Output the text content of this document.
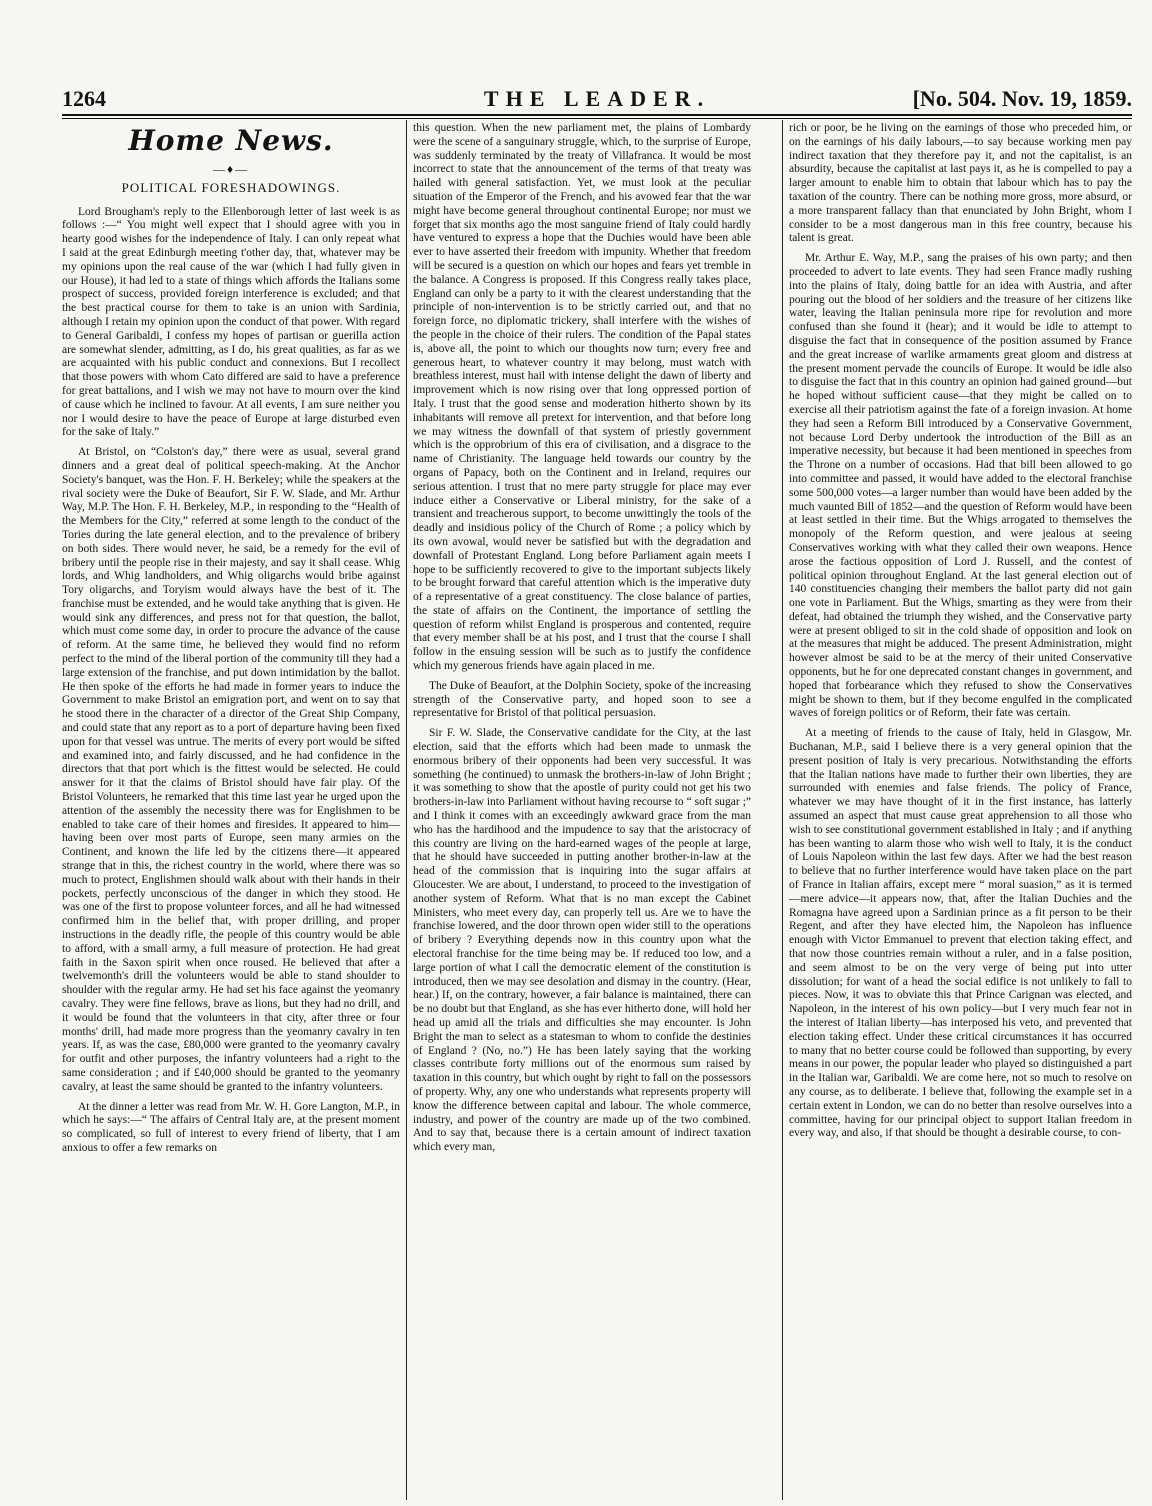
1264	THE LEADER.	[No. 504. Nov. 19, 1859.
Home News.
—♦—
POLITICAL FORESHADOWINGS.

Lord Brougham's reply to the Ellenborough letter of last week is as follows :—“ You might well expect that I should agree with you in hearty good wishes for the independence of Italy. I can only repeat what I said at the great Edinburgh meeting t'other day, that, whatever may be my opinions upon the real cause of the war (which I had fully given in our House), it had led to a state of things which affords the Italians some prospect of success, provided foreign interference is excluded; and that the best practical course for them to take is an union with Sardinia, although I retain my opinion upon the conduct of that power. With regard to General Garibaldi, I confess my hopes of partisan or guerilla action are somewhat slender, admitting, as I do, his great qualities, as far as we are acquainted with his public conduct and connexions. But I recollect that those powers with whom Cato differed are said to have a preference for great battalions, and I wish we may not have to mourn over the kind of cause which he inclined to favour. At all events, I am sure neither you nor I would desire to have the peace of Europe at large disturbed even for the sake of Italy.”

At Bristol, on “Colston's day,” there were as usual, several grand dinners and a great deal of political speech-making. At the Anchor Society's banquet, was the Hon. F. H. Berkeley; while the speakers at the rival society were the Duke of Beaufort, Sir F. W. Slade, and Mr. Arthur Way, M.P. The Hon. F. H. Berkeley, M.P., in responding to the “Health of the Members for the City,” referred at some length to the conduct of the Tories during the late general election, and to the prevalence of bribery on both sides. There would never, he said, be a remedy for the evil of bribery until the people rise in their majesty, and say it shall cease. Whig lords, and Whig landholders, and Whig oligarchs would bribe against Tory oligarchs, and Toryism would always have the best of it. The franchise must be extended, and he would take anything that is given. He would sink any differences, and press not for that question, the ballot, which must come some day, in order to procure the advance of the cause of reform. At the same time, he believed they would find no reform perfect to the mind of the liberal portion of the community till they had a large extension of the franchise, and put down intimidation by the ballot. He then spoke of the efforts he had made in former years to induce the Government to make Bristol an emigration port, and went on to say that he stood there in the character of a director of the Great Ship Company, and could state that any report as to a port of departure having been fixed upon for that vessel was untrue. The merits of every port would be sifted and examined into, and fairly discussed, and he had confidence in the directors that that port which is the fittest would be selected. He could answer for it that the claims of Bristol should have fair play. Of the Bristol Volunteers, he remarked that this time last year he urged upon the attention of the assembly the necessity there was for Englishmen to be enabled to take care of their homes and firesides. It appeared to him—having been over most parts of Europe, seen many armies on the Continent, and known the life led by the citizens there—it appeared strange that in this, the richest country in the world, where there was so much to protect, Englishmen should walk about with their hands in their pockets, perfectly unconscious of the danger in which they stood. He was one of the first to propose volunteer forces, and all he had witnessed confirmed him in the belief that, with proper drilling, and proper instructions in the deadly rifle, the people of this country would be able to afford, with a small army, a full measure of protection. He had great faith in the Saxon spirit when once roused. He believed that after a twelvemonth's drill the volunteers would be able to stand shoulder to shoulder with the regular army. He had set his face against the yeomanry cavalry. They were fine fellows, brave as lions, but they had no drill, and it would be found that the volunteers in that city, after three or four months' drill, had made more progress than the yeomanry cavalry in ten years. If, as was the case, £80,000 were granted to the yeomanry cavalry for outfit and other purposes, the infantry volunteers had a right to the same consideration ; and if £40,000 should be granted to the yeomanry cavalry, at least the same should be granted to the infantry volunteers.

At the dinner a letter was read from Mr. W. H. Gore Langton, M.P., in which he says:—“ The affairs of Central Italy are, at the present moment so complicated, so full of interest to every friend of liberty, that I am anxious to offer a few remarks on

this question. When the new parliament met, the plains of Lombardy were the scene of a sanguinary struggle, which, to the surprise of Europe, was suddenly terminated by the treaty of Villafranca. It would be most incorrect to state that the announcement of the terms of that treaty was hailed with general satisfaction. Yet, we must look at the peculiar situation of the Emperor of the French, and his avowed fear that the war might have become general throughout continental Europe; nor must we forget that six months ago the most sanguine friend of Italy could hardly have ventured to express a hope that the Duchies would have been able ever to have asserted their freedom with impunity. Whether that freedom will be secured is a question on which our hopes and fears yet tremble in the balance. A Congress is proposed. If this Congress really takes place, England can only be a party to it with the clearest understanding that the principle of non-intervention is to be strictly carried out, and that no foreign force, no diplomatic trickery, shall interfere with the wishes of the people in the choice of their rulers. The condition of the Papal states is, above all, the point to which our thoughts now turn; every free and generous heart, to whatever country it may belong, must watch with breathless interest, must hail with intense delight the dawn of liberty and improvement which is now rising over that long oppressed portion of Italy. I trust that the good sense and moderation hitherto shown by its inhabitants will remove all pretext for intervention, and that before long we may witness the downfall of that system of priestly government which is the opprobrium of this era of civilisation, and a disgrace to the name of Christianity. The language held towards our country by the organs of Papacy, both on the Continent and in Ireland, requires our serious attention. I trust that no mere party struggle for place may ever induce either a Conservative or Liberal ministry, for the sake of a transient and treacherous support, to become unwittingly the tools of the deadly and insidious policy of the Church of Rome ; a policy which by its own avowal, would never be satisfied but with the degradation and downfall of Protestant England. Long before Parliament again meets I hope to be sufficiently recovered to give to the important subjects likely to be brought forward that careful attention which is the imperative duty of a representative of a great constituency. The close balance of parties, the state of affairs on the Continent, the importance of settling the question of reform whilst England is prosperous and contented, require that every member shall be at his post, and I trust that the course I shall follow in the ensuing session will be such as to justify the confidence which my generous friends have again placed in me.

The Duke of Beaufort, at the Dolphin Society, spoke of the increasing strength of the Conservative party, and hoped soon to see a representative for Bristol of that political persuasion.

Sir F. W. Slade, the Conservative candidate for the City, at the last election, said that the efforts which had been made to unmask the enormous bribery of their opponents had been very successful. It was something (he continued) to unmask the brothers-in-law of John Bright ; it was something to show that the apostle of purity could not get his two brothers-in-law into Parliament without having recourse to “ soft sugar ;” and I think it comes with an exceedingly awkward grace from the man who has the hardihood and the impudence to say that the aristocracy of this country are living on the hard-earned wages of the people at large, that he should have succeeded in putting another brother-in-law at the head of the commission that is inquiring into the sugar affairs at Gloucester. We are about, I understand, to proceed to the investigation of another system of Reform. What that is no man except the Cabinet Ministers, who meet every day, can properly tell us. Are we to have the franchise lowered, and the door thrown open wider still to the operations of bribery ? Everything depends now in this country upon what the electoral franchise for the time being may be. If reduced too low, and a large portion of what I call the democratic element of the constitution is introduced, then we may see desolation and dismay in the country. (Hear, hear.) If, on the contrary, however, a fair balance is maintained, there can be no doubt but that England, as she has ever hitherto done, will hold her head up amid all the trials and difficulties she may encounter. Is John Bright the man to select as a statesman to whom to confide the destinies of England ? (No, no.”) He has been lately saying that the working classes contribute forty millions out of the enormous sum raised by taxation in this country, but which ought by right to fall on the possessors of property. Why, any one who understands what represents property will know the difference between capital and labour. The whole commerce, industry, and power of the country are made up of the two combined. And to say that, because there is a certain amount of indirect taxation which every man,

rich or poor, be he living on the earnings of those who preceded him, or on the earnings of his daily labours,—to say because working men pay indirect taxation that they therefore pay it, and not the capitalist, is an absurdity, because the capitalist at last pays it, as he is compelled to pay a larger amount to enable him to obtain that labour which has to pay the taxation of the country. There can be nothing more gross, more absurd, or a more transparent fallacy than that enunciated by John Bright, whom I consider to be a most dangerous man in this free country, because his talent is great.

Mr. Arthur E. Way, M.P., sang the praises of his own party; and then proceeded to advert to late events. They had seen France madly rushing into the plains of Italy, doing battle for an idea with Austria, and after pouring out the blood of her soldiers and the treasure of her citizens like water, leaving the Italian peninsula more ripe for revolution and more confused than she found it (hear); and it would be idle to attempt to disguise the fact that in consequence of the position assumed by France and the great increase of warlike armaments great gloom and distress at the present moment pervade the councils of Europe. It would be idle also to disguise the fact that in this country an opinion had gained ground—but he hoped without sufficient cause—that they might be called on to exercise all their patriotism against the fate of a foreign invasion. At home they had seen a Reform Bill introduced by a Conservative Government, not because Lord Derby undertook the introduction of the Bill as an imperative necessity, but because it had been mentioned in speeches from the Throne on a number of occasions. Had that bill been allowed to go into committee and passed, it would have added to the electoral franchise some 500,000 votes—a larger number than would have been added by the much vaunted Bill of 1852—and the question of Reform would have been at least settled in their time. But the Whigs arrogated to themselves the monopoly of the Reform question, and were jealous at seeing Conservatives working with what they called their own weapons. Hence arose the factious opposition of Lord J. Russell, and the contest of political opinion throughout England. At the last general election out of 140 constituencies changing their members the ballot party did not gain one vote in Parliament. But the Whigs, smarting as they were from their defeat, had obtained the triumph they wished, and the Conservative party were at present obliged to sit in the cold shade of opposition and look on at the measures that might be adduced. The present Administration, might however almost be said to be at the mercy of their united Conservative opponents, but he for one deprecated constant changes in government, and hoped that forbearance which they refused to show the Conservatives might be shown to them, but if they become engulfed in the complicated waves of foreign politics or of Reform, their fate was certain.

At a meeting of friends to the cause of Italy, held in Glasgow, Mr. Buchanan, M.P., said I believe there is a very general opinion that the present position of Italy is very precarious. Notwithstanding the efforts that the Italian nations have made to further their own liberties, they are surrounded with enemies and false friends. The policy of France, whatever we may have thought of it in the first instance, has latterly assumed an aspect that must cause great apprehension to all those who wish to see constitutional government established in Italy ; and if anything has been wanting to alarm those who wish well to Italy, it is the conduct of Louis Napoleon within the last few days. After we had the best reason to believe that no further interference would have taken place on the part of France in Italian affairs, except mere “ moral suasion,” as it is termed—mere advice—it appears now, that, after the Italian Duchies and the Romagna have agreed upon a Sardinian prince as a fit person to be their Regent, and after they have elected him, the Napoleon has influence enough with Victor Emmanuel to prevent that election taking effect, and that now those countries remain without a ruler, and in a false position, and seem almost to be on the very verge of being put into utter dissolution; for want of a head the social edifice is not unlikely to fall to pieces. Now, it was to obviate this that Prince Carignan was elected, and Napoleon, in the interest of his own policy—but I very much fear not in the interest of Italian liberty—has interposed his veto, and prevented that election taking effect. Under these critical circumstances it has occurred to many that no better course could be followed than supporting, by every means in our power, the popular leader who played so distinguished a part in the Italian war, Garibaldi. We are come here, not so much to resolve on any course, as to deliberate. I believe that, following the example set in a certain extent in London, we can do no better than resolve ourselves into a committee, having for our principal object to support Italian freedom in every way, and also, if that should be thought a desirable course, to con-
